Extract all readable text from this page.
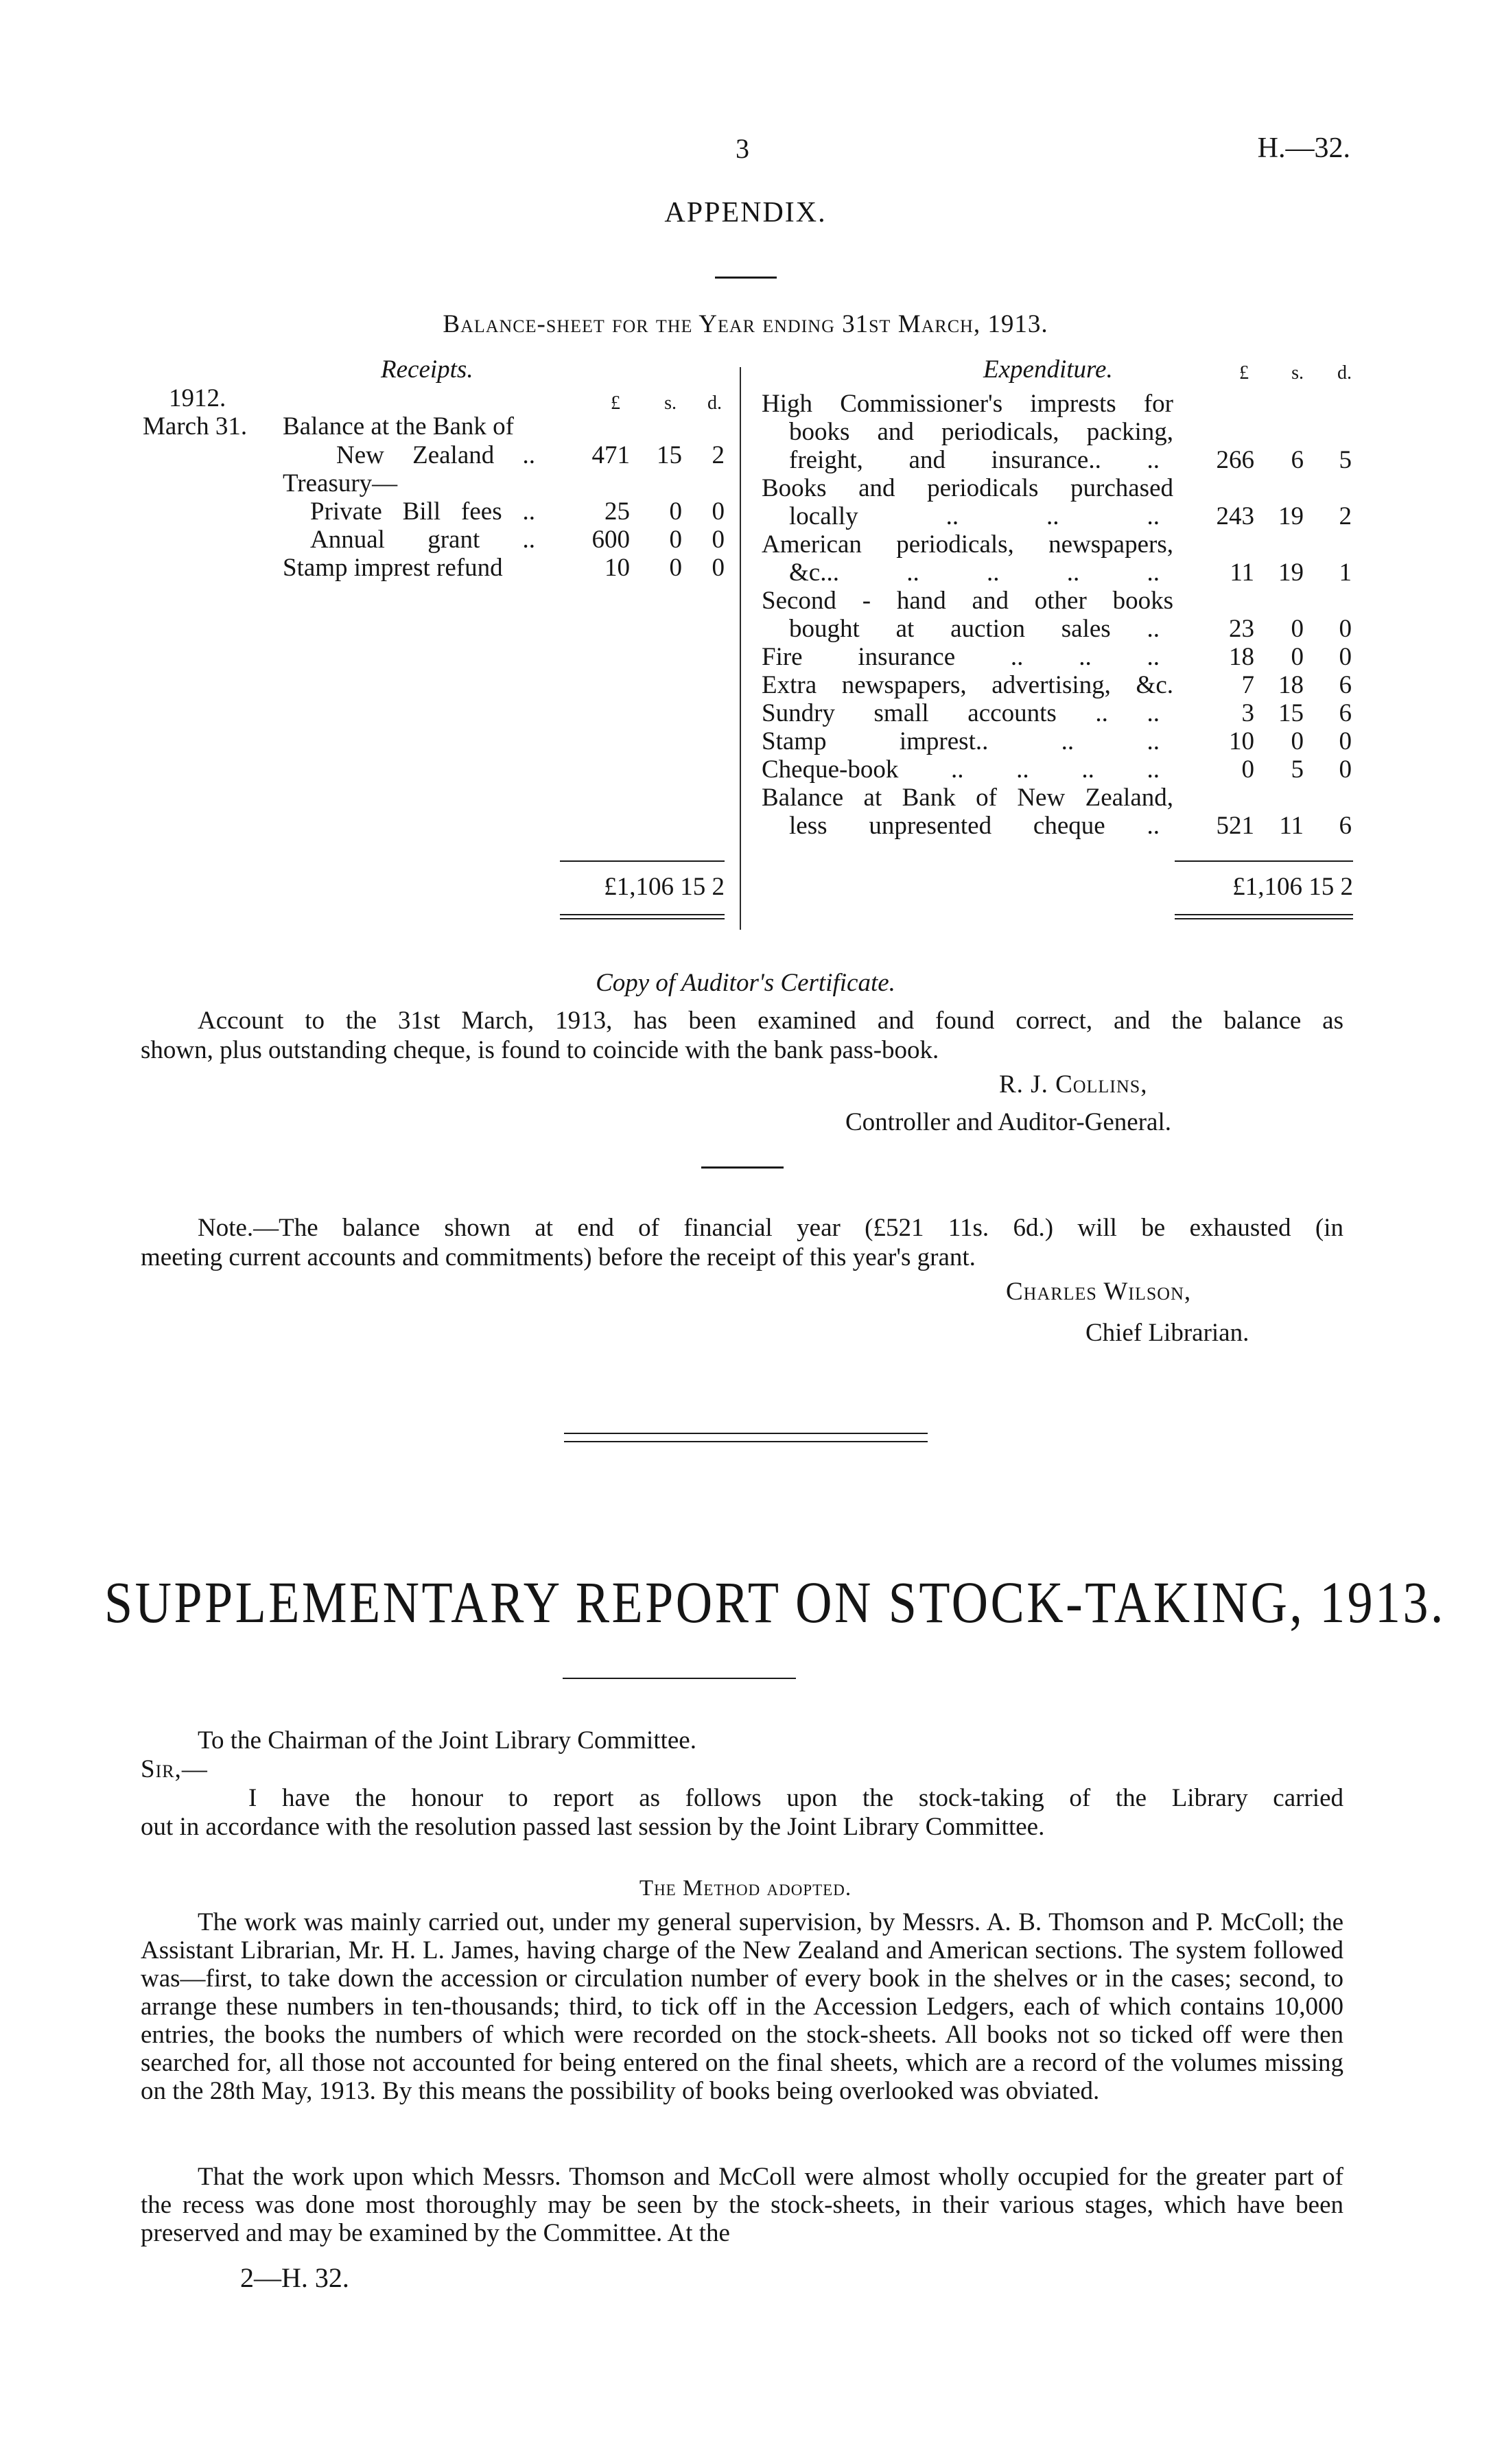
3	H.—32.
APPENDIX.
Balance-sheet for the Year ending 31st March, 1913.
Receipts.	Expenditure.
£	s.	d.
£	s.	d.
1912.
March 31. Balance at the Bank of
New Zealand ..	471	15	2
Treasury—
Private Bill fees ..	25	0	0
Annual grant ..	600	0	0
Stamp imprest refund	10	0	0
High Commissioner's imprests for
books and periodicals, packing,
freight, and insurance.. ..	266	6	5
Books and periodicals purchased
locally .. .. ..	243 19	2
American periodicals, newspapers,
&c... .. .. .. ..	11 19	1
Second - hand and other books
bought at auction sales ..	23	0	0
Fire insurance .. .. ..	18	0	0
Extra newspapers, advertising, &c.	7 18	6
Sundry small accounts .. ..	3 15	6
Stamp imprest.. .. ..	10	0	0
Cheque-book .. .. .. ..	0	5	0
Balance at Bank of New Zealand,
less unpresented cheque ..	521 11	6
£1,106 15 2	£1,106 15 2
Copy of Auditor's Certificate.
Account to the 31st March, 1913, has been examined and found correct, and the balance as
shown, plus outstanding cheque, is found to coincide with the bank pass-book.
R. J. Collins,
Controller and Auditor-General.
Note.—The balance shown at end of financial year (£521 11s. 6d.) will be exhausted (in
meeting current accounts and commitments) before the receipt of this year's grant.
Charles Wilson,
Chief Librarian.
SUPPLEMENTARY REPORT ON STOCK-TAKING, 1913.
To the Chairman of the Joint Library Committee.
Sir,—
I have the honour to report as follows upon the stock-taking of the Library carried
out in accordance with the resolution passed last session by the Joint Library Committee.
The Method adopted.
The work was mainly carried out, under my general supervision, by Messrs. A. B. Thomson and P. McColl; the Assistant Librarian, Mr. H. L. James, having charge of the New Zealand and American sections. The system followed was—first, to take down the accession or circulation number of every book in the shelves or in the cases; second, to arrange these numbers in ten-thousands; third, to tick off in the Accession Ledgers, each of which contains 10,000 entries, the books the numbers of which were recorded on the stock-sheets. All books not so ticked off were then searched for, all those not accounted for being entered on the final sheets, which are a record of the volumes missing on the 28th May, 1913. By this means the possibility of books being overlooked was obviated.
That the work upon which Messrs. Thomson and McColl were almost wholly occupied for the greater part of the recess was done most thoroughly may be seen by the stock-sheets, in their various stages, which have been preserved and may be examined by the Committee. At the
2—H. 32.
